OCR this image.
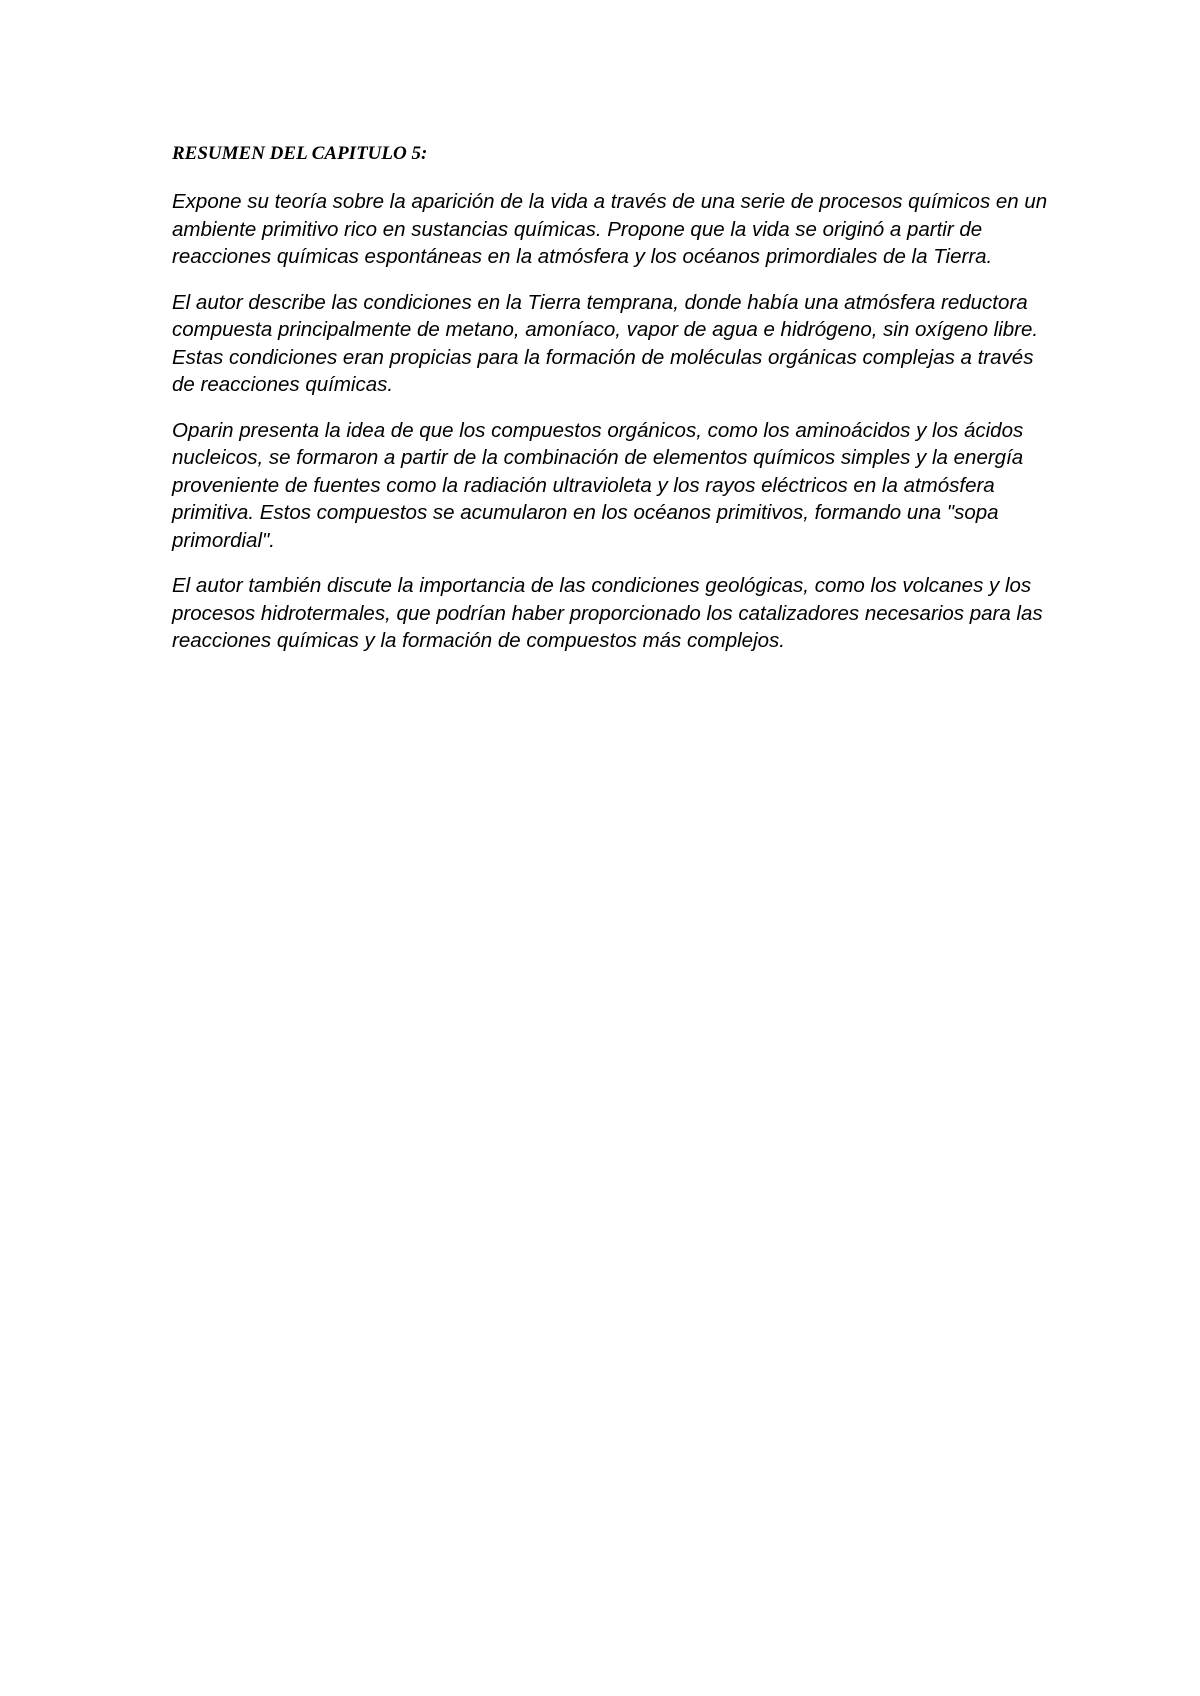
RESUMEN DEL CAPITULO 5:

Expone su teoría sobre la aparición de la vida a través de una serie de procesos químicos en un ambiente primitivo rico en sustancias químicas. Propone que la vida se originó a partir de reacciones químicas espontáneas en la atmósfera y los océanos primordiales de la Tierra.

El autor describe las condiciones en la Tierra temprana, donde había una atmósfera reductora compuesta principalmente de metano, amoníaco, vapor de agua e hidrógeno, sin oxígeno libre. Estas condiciones eran propicias para la formación de moléculas orgánicas complejas a través de reacciones químicas.

Oparin presenta la idea de que los compuestos orgánicos, como los aminoácidos y los ácidos nucleicos, se formaron a partir de la combinación de elementos químicos simples y la energía proveniente de fuentes como la radiación ultravioleta y los rayos eléctricos en la atmósfera primitiva. Estos compuestos se acumularon en los océanos primitivos, formando una "sopa primordial".

El autor también discute la importancia de las condiciones geológicas, como los volcanes y los procesos hidrotermales, que podrían haber proporcionado los catalizadores necesarios para las reacciones químicas y la formación de compuestos más complejos.
